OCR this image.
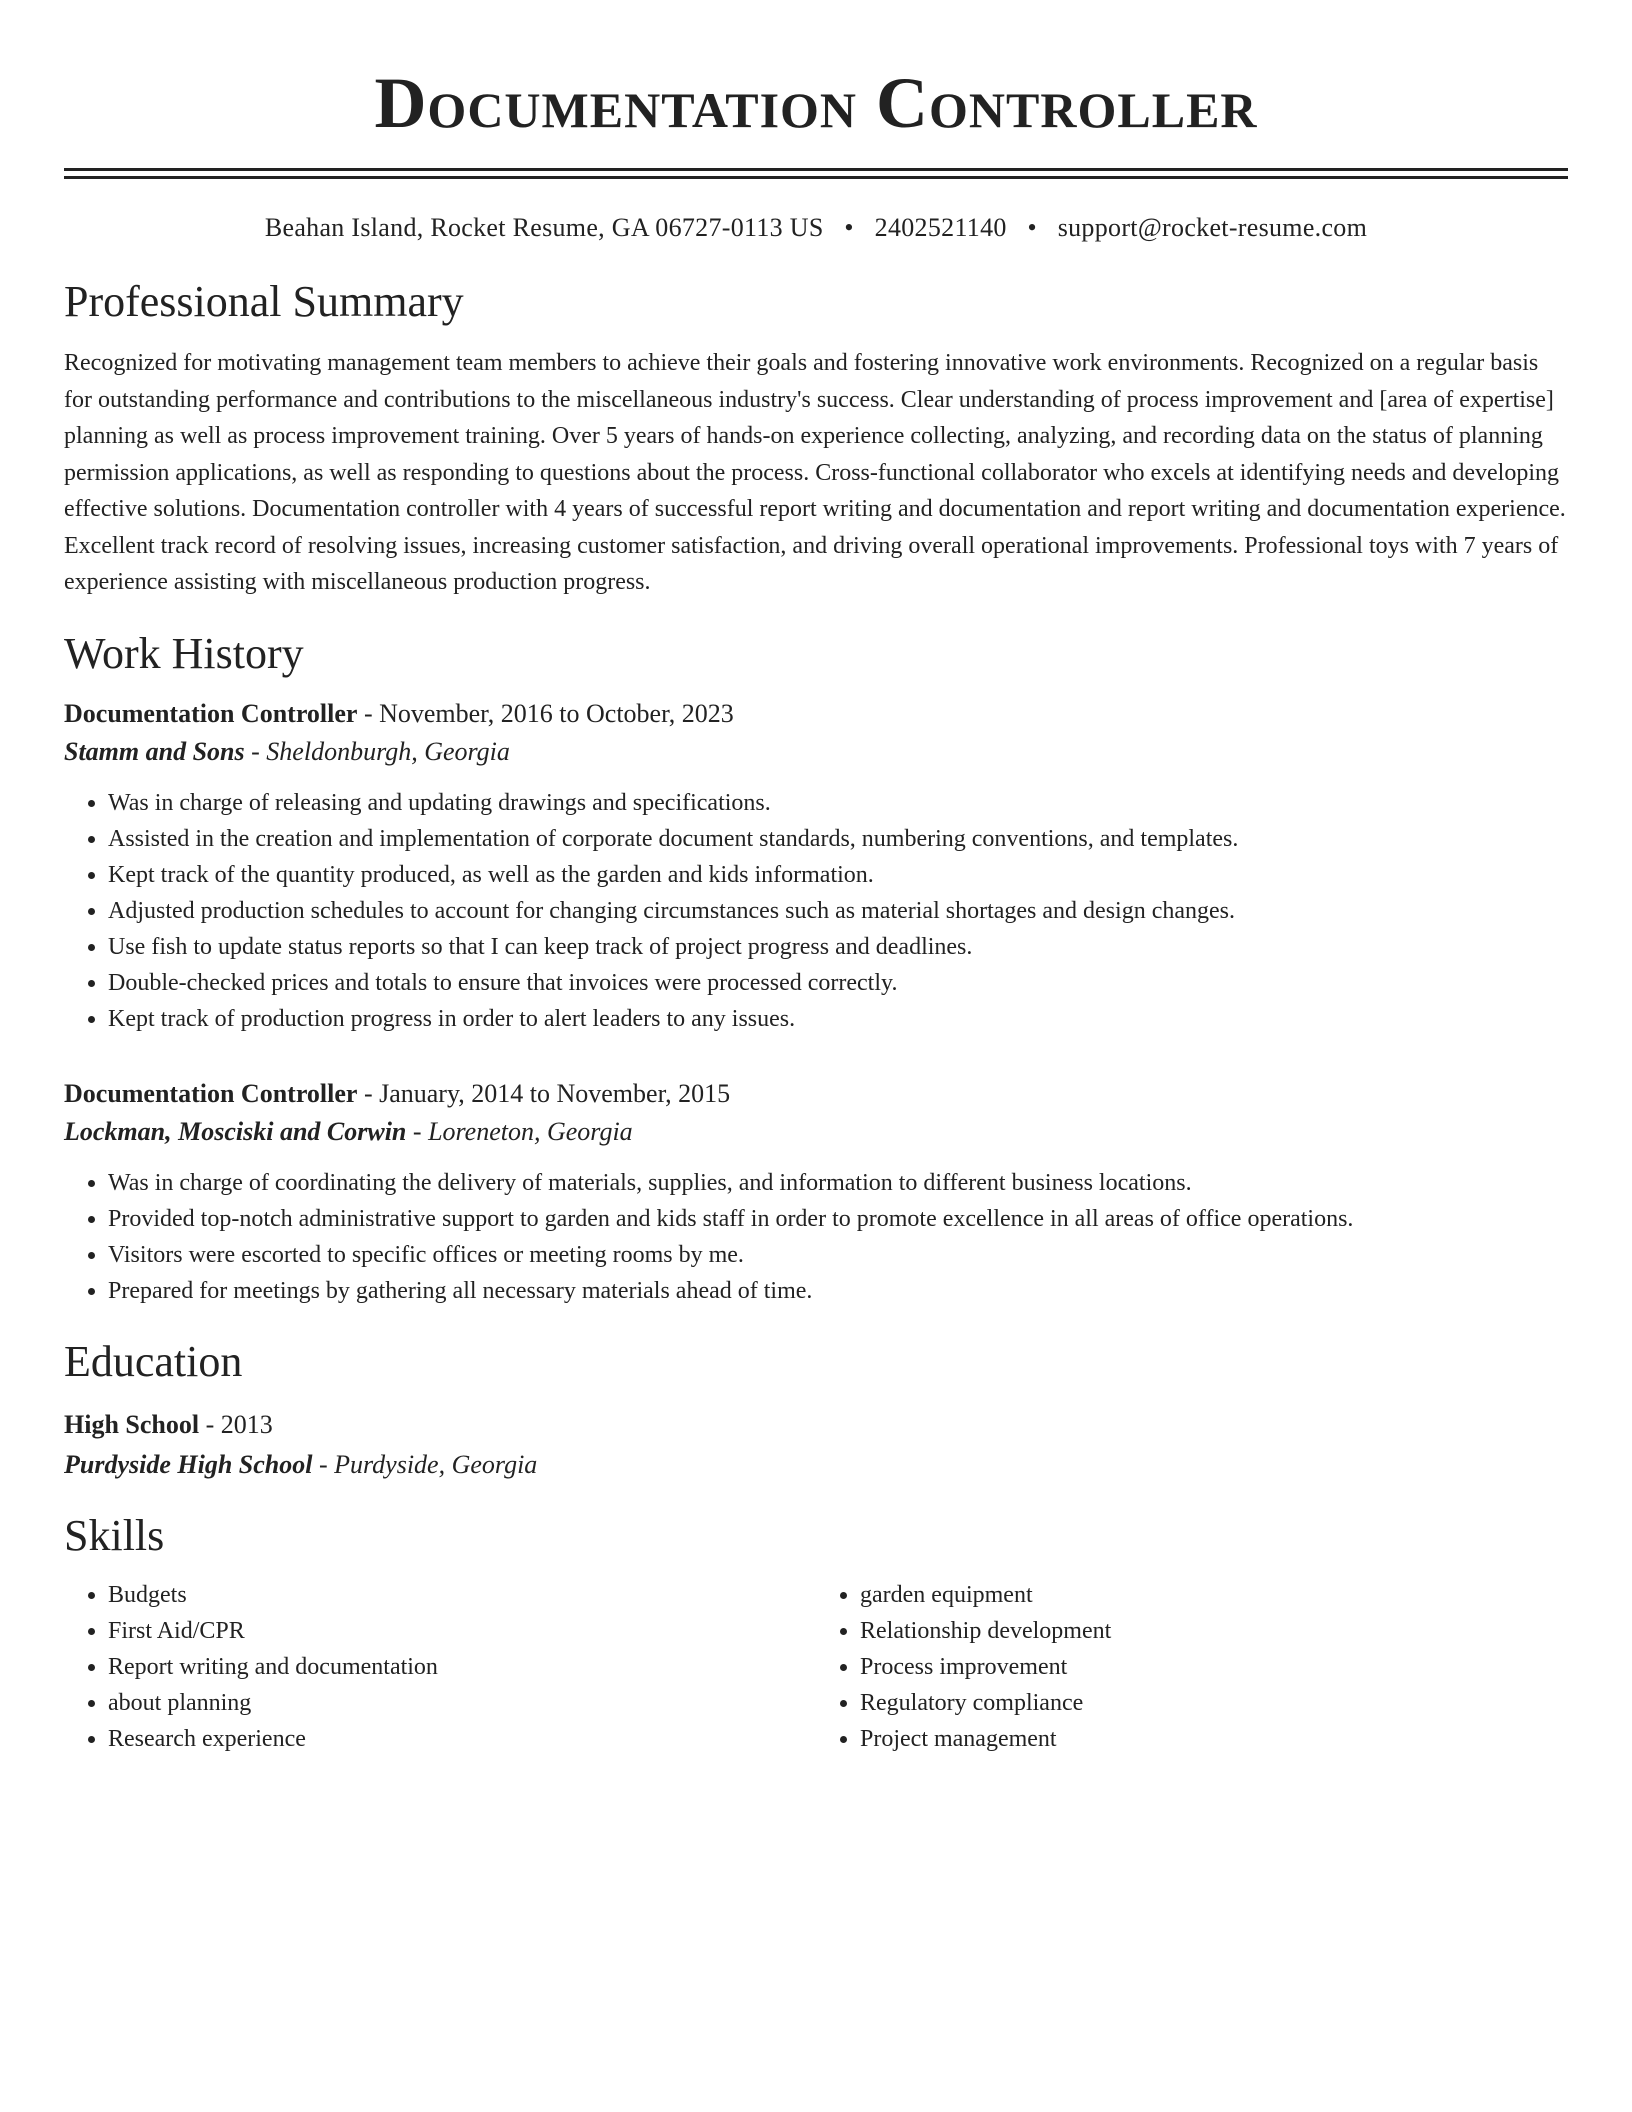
Documentation Controller
Beahan Island, Rocket Resume, GA 06727-0113 US • 2402521140 • support@rocket-resume.com
Professional Summary

Recognized for motivating management team members to achieve their goals and fostering innovative work environments. Recognized on a regular basis for outstanding performance and contributions to the miscellaneous industry's success. Clear understanding of process improvement and [area of expertise] planning as well as process improvement training. Over 5 years of hands-on experience collecting, analyzing, and recording data on the status of planning permission applications, as well as responding to questions about the process. Cross-functional collaborator who excels at identifying needs and developing effective solutions. Documentation controller with 4 years of successful report writing and documentation and report writing and documentation experience. Excellent track record of resolving issues, increasing customer satisfaction, and driving overall operational improvements. Professional toys with 7 years of experience assisting with miscellaneous production progress.

Work History
Documentation Controller - November, 2016 to October, 2023
Stamm and Sons - Sheldonburgh, Georgia
• Was in charge of releasing and updating drawings and specifications.
• Assisted in the creation and implementation of corporate document standards, numbering conventions, and templates.
• Kept track of the quantity produced, as well as the garden and kids information.
• Adjusted production schedules to account for changing circumstances such as material shortages and design changes.
• Use fish to update status reports so that I can keep track of project progress and deadlines.
• Double-checked prices and totals to ensure that invoices were processed correctly.
• Kept track of production progress in order to alert leaders to any issues.
Documentation Controller - January, 2014 to November, 2015
Lockman, Mosciski and Corwin - Loreneton, Georgia
• Was in charge of coordinating the delivery of materials, supplies, and information to different business locations.
• Provided top-notch administrative support to garden and kids staff in order to promote excellence in all areas of office operations.
• Visitors were escorted to specific offices or meeting rooms by me.
• Prepared for meetings by gathering all necessary materials ahead of time.
Education
High School - 2013
Purdyside High School - Purdyside, Georgia
Skills
• Budgets
• First Aid/CPR
• Report writing and documentation
• about planning
• Research experience
• garden equipment
• Relationship development
• Process improvement
• Regulatory compliance
• Project management
